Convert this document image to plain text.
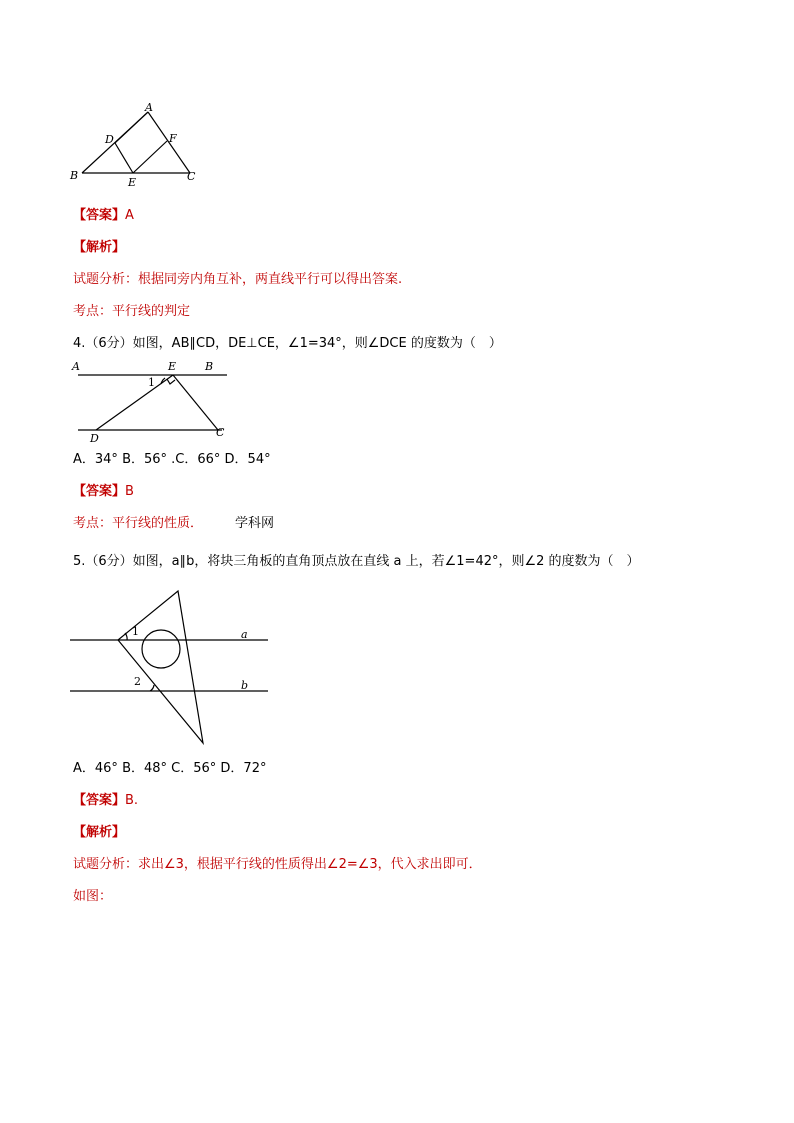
A
B	C
D
E
F
【答案】A
【解析】
试题分析：根据同旁内角互补，两直线平行可以得出答案.
考点：平行线的判定
4.（6分）如图，AB∥CD，DE⊥CE，∠1=34°，则∠DCE 的度数为（　）
A	E	B
1
D	C
A．34° B．56° .C．66° D．54°
【答案】B
考点：平行线的性质． 学科网
5.（6分）如图，a∥b，将块三角板的直角顶点放在直线 a 上，若∠1=42°，则∠2 的度数为（　）
1
2
a
b
A．46° B．48° C．56° D．72°
【答案】B.
【解析】
试题分析：求出∠3，根据平行线的性质得出∠2=∠3，代入求出即可．
如图：
